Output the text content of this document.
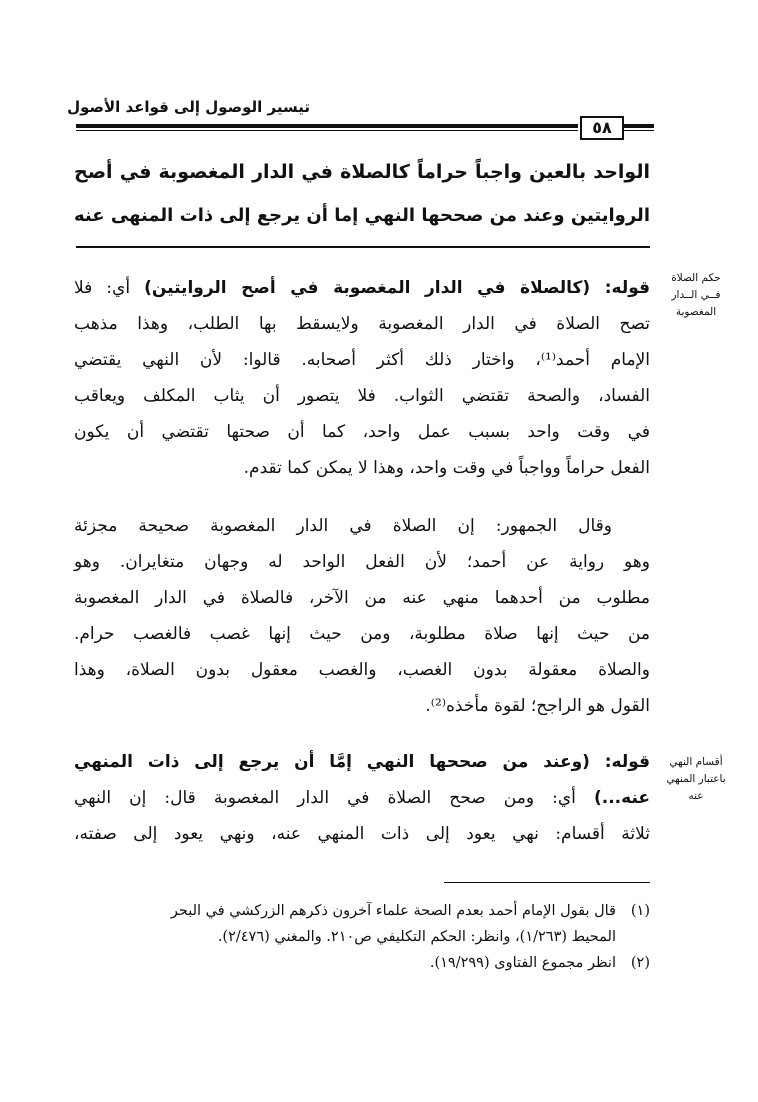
تيسير الوصول إلى قواعد الأصول
٥٨
الواحد بالعين واجباً حراماً كالصلاة في الدار المغصوبة في أصح
الروايتين وعند من صححها النهي إما أن يرجع إلى ذات المنهى عنه
حكم الصلاة
فــي الــدار
المغصوبة
أقسام النهي
باعتبار المنهي
عنه
قوله: (كالصلاة في الدار المغصوبة في أصح الروايتين) أي: فلا
تصح الصلاة في الدار المغصوبة ولايسقط بها الطلب، وهذا مذهب
الإمام أحمد⁽¹⁾، واختار ذلك أكثر أصحابه. قالوا: لأن النهي يقتضي
الفساد، والصحة تقتضي الثواب. فلا يتصور أن يثاب المكلف ويعاقب
في وقت واحد بسبب عمل واحد، كما أن صحتها تقتضي أن يكون
الفعل حراماً وواجباً في وقت واحد، وهذا لا يمكن كما تقدم.
وقال الجمهور: إن الصلاة في الدار المغصوبة صحيحة مجزئة
وهو رواية عن أحمد؛ لأن الفعل الواحد له وجهان متغايران. وهو
مطلوب من أحدهما منهي عنه من الآخر، فالصلاة في الدار المغصوبة
من حيث إنها صلاة مطلوبة، ومن حيث إنها غصب فالغصب حرام.
والصلاة معقولة بدون الغصب، والغصب معقول بدون الصلاة، وهذا
القول هو الراجح؛ لقوة مأخذه⁽²⁾.
قوله: (وعند من صححها النهي إمَّا أن يرجع إلى ذات المنهي
عنه...) أي: ومن صحح الصلاة في الدار المغصوبة قال: إن النهي
ثلاثة أقسام: نهي يعود إلى ذات المنهي عنه، ونهي يعود إلى صفته،
(١)قال بقول الإمام أحمد بعدم الصحة علماء آخرون ذكرهم الزركشي في البحر
المحيط (١/٢٦٣)، وانظر: الحكم التكليفي ص٢١٠. والمغني (٢/٤٧٦).
(٢)انظر مجموع الفتاوى (١٩/٢٩٩).
